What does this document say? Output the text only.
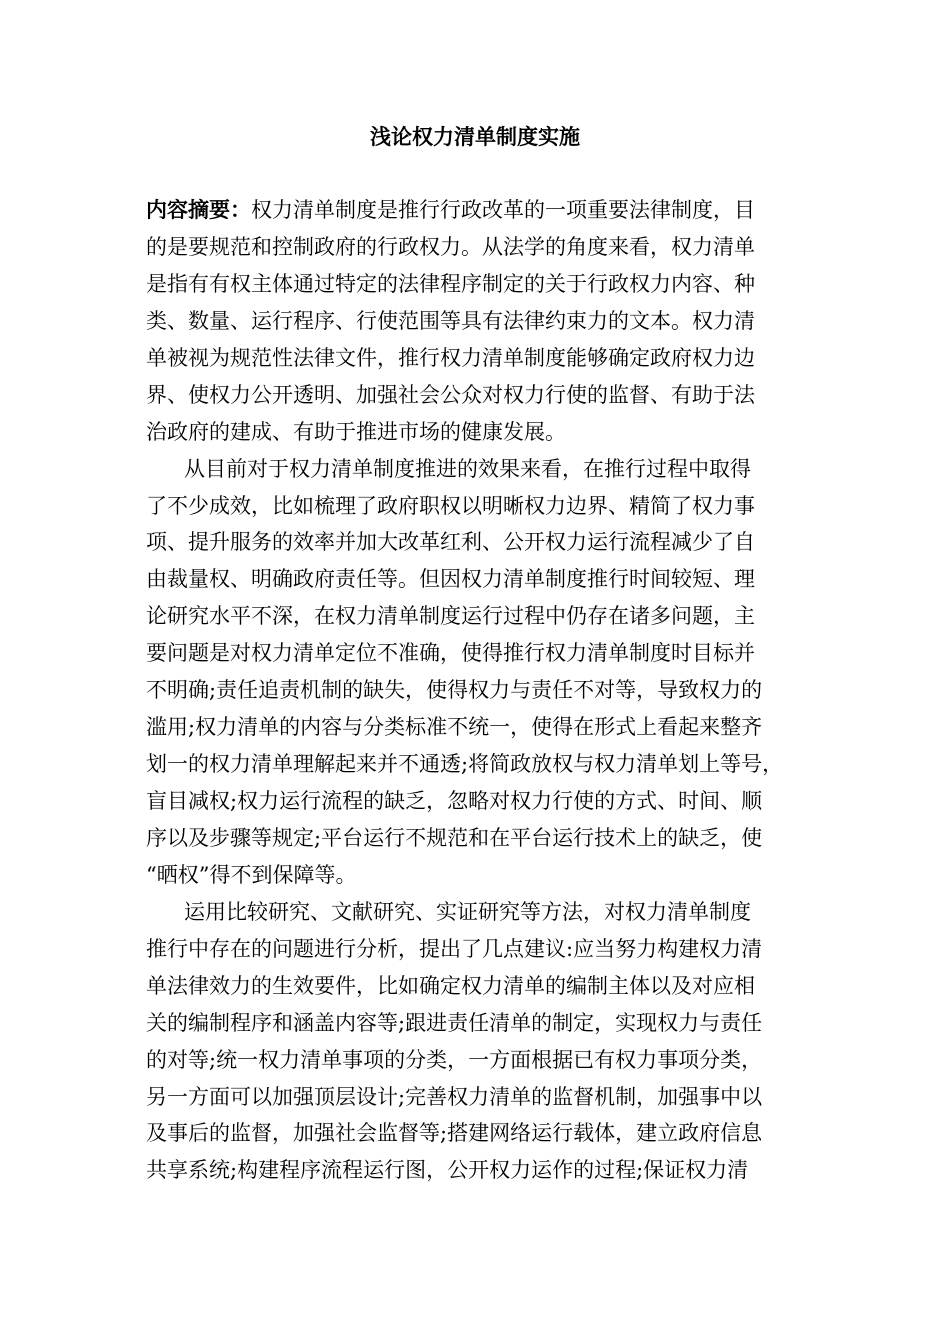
浅论权力清单制度实施
内容摘要：权力清单制度是推行行政改革的一项重要法律制度，目
的是要规范和控制政府的行政权力。从法学的角度来看，权力清单
是指有有权主体通过特定的法律程序制定的关于行政权力内容、种
类、数量、运行程序、行使范围等具有法律约束力的文本。权力清
单被视为规范性法律文件，推行权力清单制度能够确定政府权力边
界、使权力公开透明、加强社会公众对权力行使的监督、有助于法
治政府的建成、有助于推进市场的健康发展。
从目前对于权力清单制度推进的效果来看，在推行过程中取得
了不少成效，比如梳理了政府职权以明晰权力边界、精简了权力事
项、提升服务的效率并加大改革红利、公开权力运行流程减少了自
由裁量权、明确政府责任等。但因权力清单制度推行时间较短、理
论研究水平不深，在权力清单制度运行过程中仍存在诸多问题，主
要问题是对权力清单定位不准确，使得推行权力清单制度时目标并
不明确;责任追责机制的缺失，使得权力与责任不对等，导致权力的
滥用;权力清单的内容与分类标准不统一，使得在形式上看起来整齐
划一的权力清单理解起来并不通透;将简政放权与权力清单划上等号，
盲目减权;权力运行流程的缺乏，忽略对权力行使的方式、时间、顺
序以及步骤等规定;平台运行不规范和在平台运行技术上的缺乏，使
“晒权”得不到保障等。
运用比较研究、文献研究、实证研究等方法，对权力清单制度
推行中存在的问题进行分析，提出了几点建议:应当努力构建权力清
单法律效力的生效要件，比如确定权力清单的编制主体以及对应相
关的编制程序和涵盖内容等;跟进责任清单的制定，实现权力与责任
的对等;统一权力清单事项的分类，一方面根据已有权力事项分类，
另一方面可以加强顶层设计;完善权力清单的监督机制，加强事中以
及事后的监督，加强社会监督等;搭建网络运行载体，建立政府信息
共享系统;构建程序流程运行图，公开权力运作的过程;保证权力清
